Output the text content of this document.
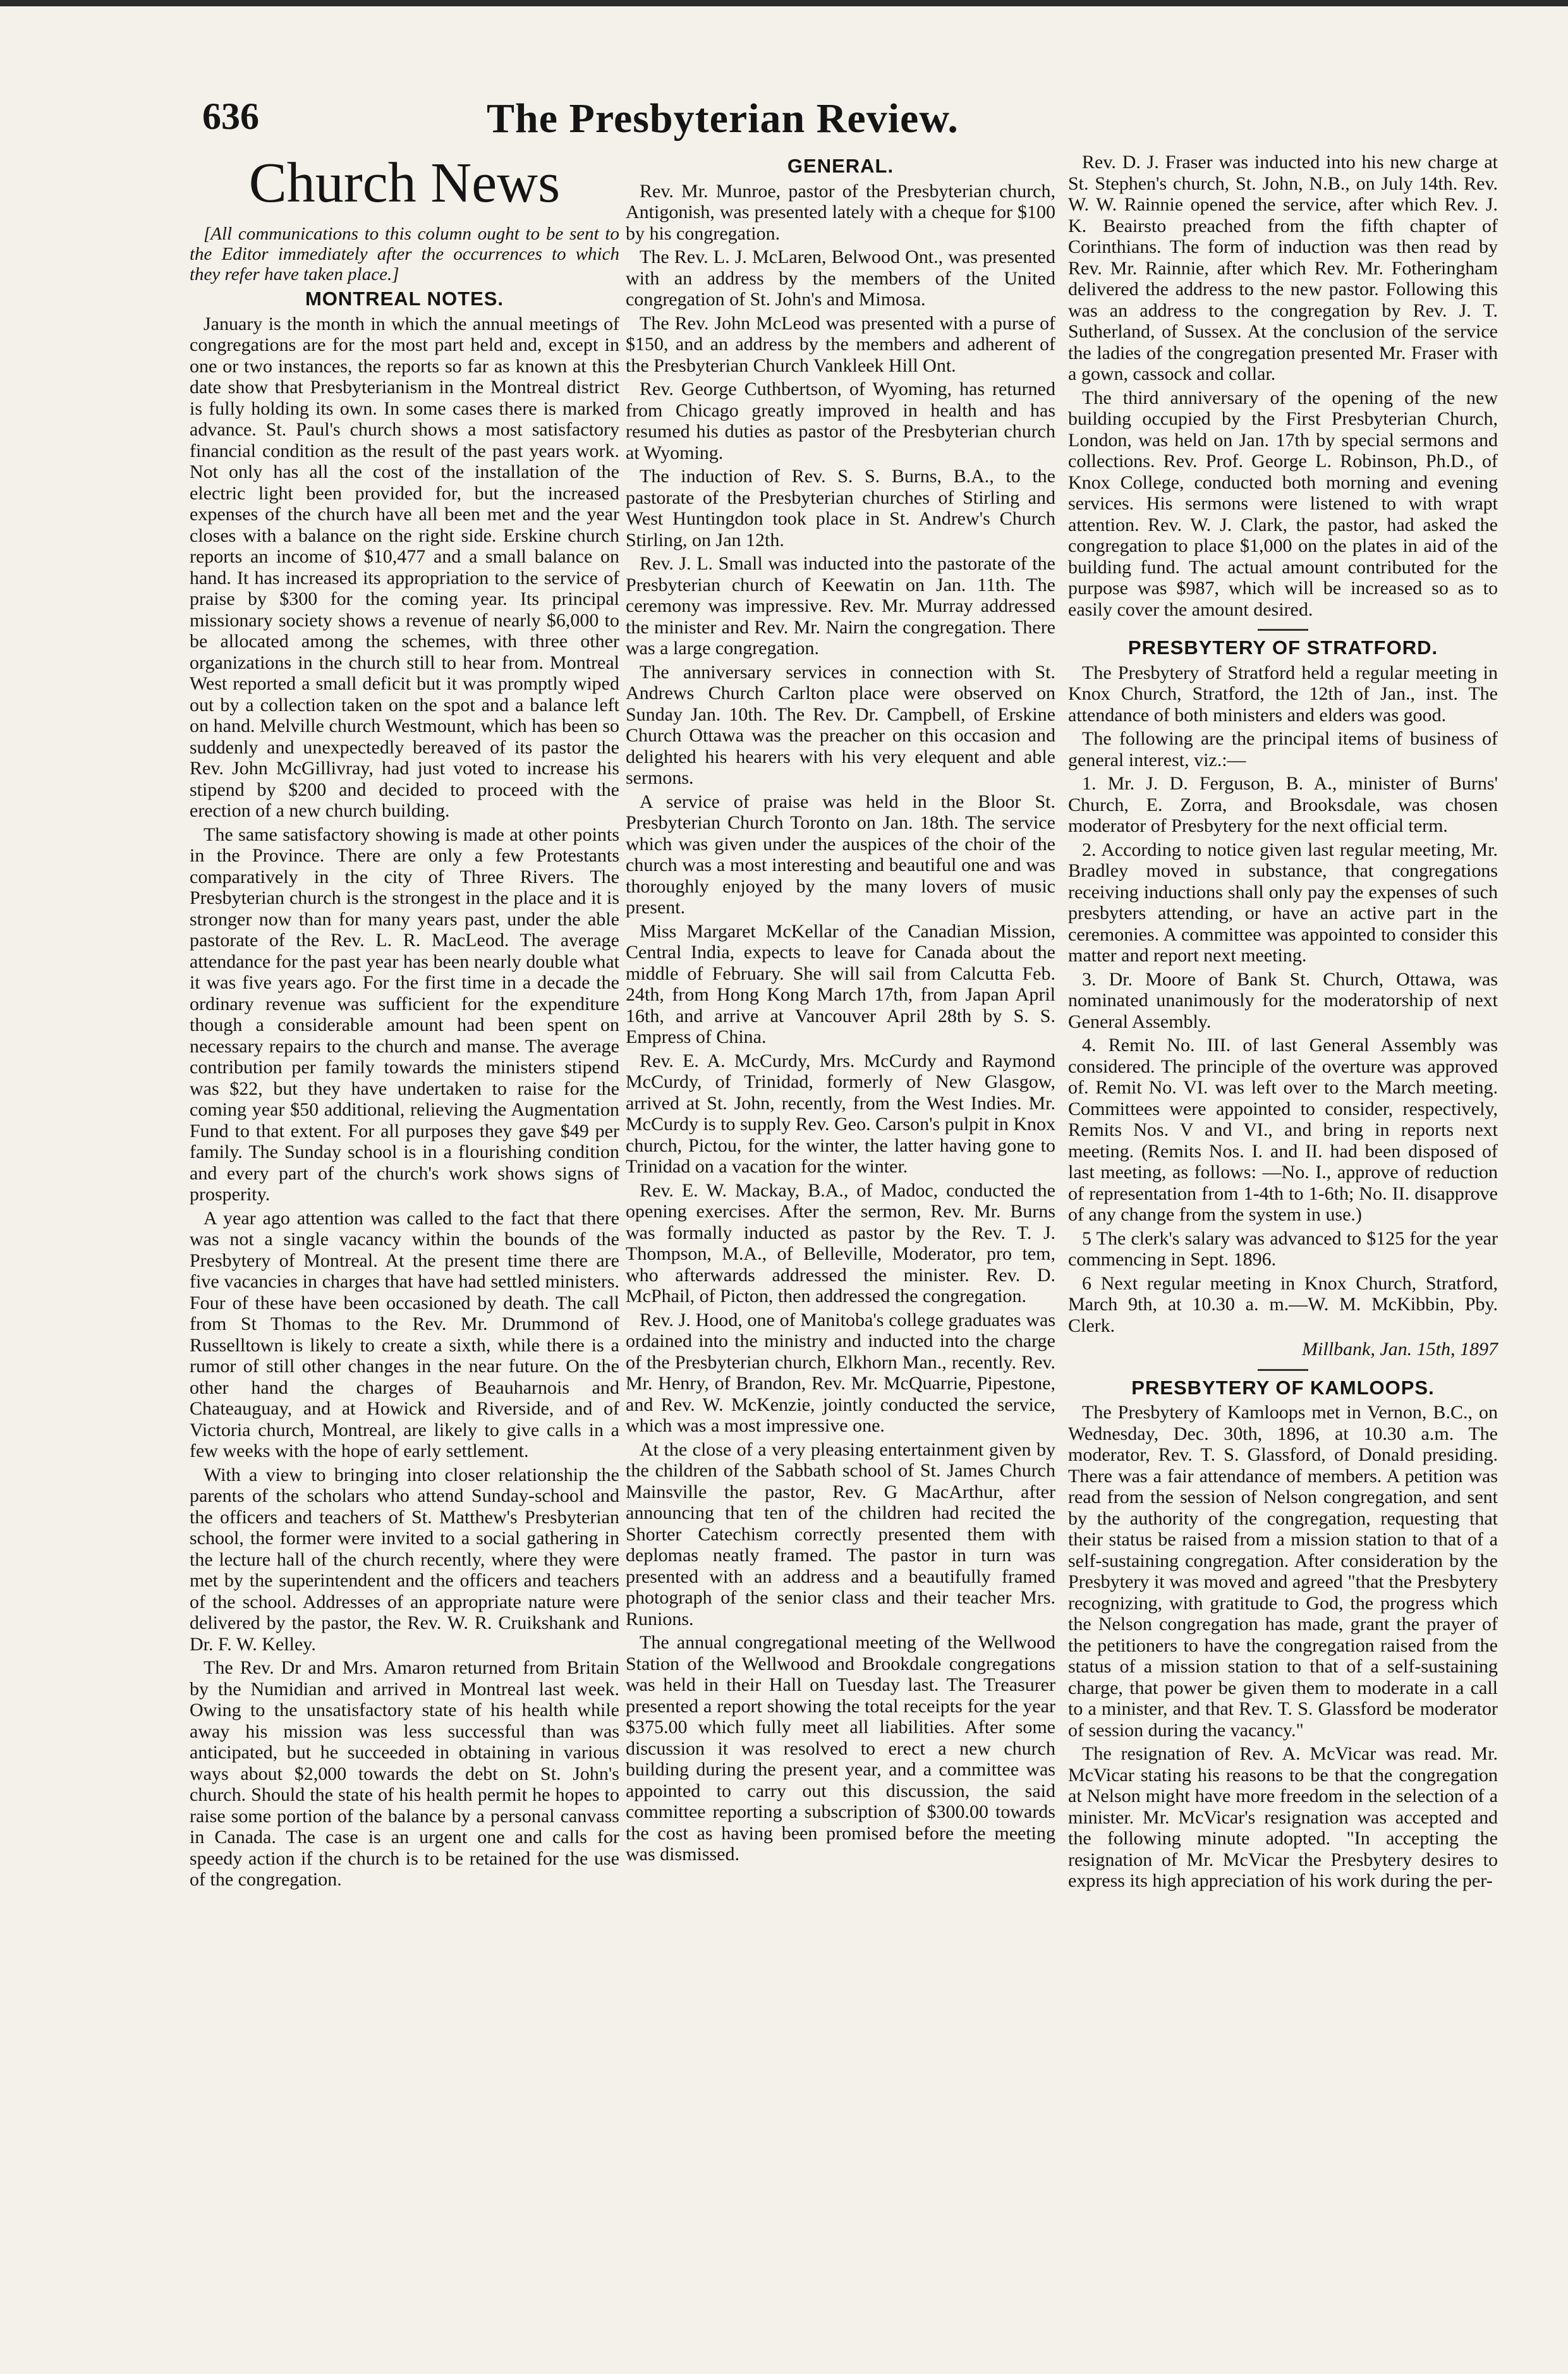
636	The Presbyterian Review.
Church News

[All communications to this column ought to be sent to the Editor immediately after the occurrences to which they refer have taken place.]

MONTREAL NOTES.

January is the month in which the annual meetings of congregations are for the most part held and, except in one or two instances, the reports so far as known at this date show that Presbyterianism in the Montreal district is fully holding its own. In some cases there is marked advance. St. Paul's church shows a most satisfactory financial condition as the result of the past years work. Not only has all the cost of the installation of the electric light been provided for, but the increased expenses of the church have all been met and the year closes with a balance on the right side. Erskine church reports an income of $10,477 and a small balance on hand. It has increased its appropriation to the service of praise by $300 for the coming year. Its principal missionary society shows a revenue of nearly $6,000 to be allocated among the schemes, with three other organizations in the church still to hear from. Montreal West reported a small deficit but it was promptly wiped out by a collection taken on the spot and a balance left on hand. Melville church Westmount, which has been so suddenly and unexpectedly bereaved of its pastor the Rev. John McGillivray, had just voted to increase his stipend by $200 and decided to proceed with the erection of a new church building.

The same satisfactory showing is made at other points in the Province. There are only a few Protestants comparatively in the city of Three Rivers. The Presbyterian church is the strongest in the place and it is stronger now than for many years past, under the able pastorate of the Rev. L. R. MacLeod. The average attendance for the past year has been nearly double what it was five years ago. For the first time in a decade the ordinary revenue was sufficient for the expenditure though a considerable amount had been spent on necessary repairs to the church and manse. The average contribution per family towards the ministers stipend was $22, but they have undertaken to raise for the coming year $50 additional, relieving the Augmentation Fund to that extent. For all purposes they gave $49 per family. The Sunday school is in a flourishing condition and every part of the church's work shows signs of prosperity.

A year ago attention was called to the fact that there was not a single vacancy within the bounds of the Presbytery of Montreal. At the present time there are five vacancies in charges that have had settled ministers. Four of these have been occasioned by death. The call from St Thomas to the Rev. Mr. Drummond of Russelltown is likely to create a sixth, while there is a rumor of still other changes in the near future. On the other hand the charges of Beauharnois and Chateauguay, and at Howick and Riverside, and of Victoria church, Montreal, are likely to give calls in a few weeks with the hope of early settlement.

With a view to bringing into closer relationship the parents of the scholars who attend Sunday-school and the officers and teachers of St. Matthew's Presbyterian school, the former were invited to a social gathering in the lecture hall of the church recently, where they were met by the superintendent and the officers and teachers of the school. Addresses of an appropriate nature were delivered by the pastor, the Rev. W. R. Cruikshank and Dr. F. W. Kelley.

The Rev. Dr and Mrs. Amaron returned from Britain by the Numidian and arrived in Montreal last week. Owing to the unsatisfactory state of his health while away his mission was less successful than was anticipated, but he succeeded in obtaining in various ways about $2,000 towards the debt on St. John's church. Should the state of his health permit he hopes to raise some portion of the balance by a personal canvass in Canada. The case is an urgent one and calls for speedy action if the church is to be retained for the use of the congregation.

GENERAL.

Rev. Mr. Munroe, pastor of the Presbyterian church, Antigonish, was presented lately with a cheque for $100 by his congregation.

The Rev. L. J. McLaren, Belwood Ont., was presented with an address by the members of the United congregation of St. John's and Mimosa.

The Rev. John McLeod was presented with a purse of $150, and an address by the members and adherent of the Presbyterian Church Vankleek Hill Ont.

Rev. George Cuthbertson, of Wyoming, has returned from Chicago greatly improved in health and has resumed his duties as pastor of the Presbyterian church at Wyoming.

The induction of Rev. S. S. Burns, B.A., to the pastorate of the Presbyterian churches of Stirling and West Huntingdon took place in St. Andrew's Church Stirling, on Jan 12th.

Rev. J. L. Small was inducted into the pastorate of the Presbyterian church of Keewatin on Jan. 11th. The ceremony was impressive. Rev. Mr. Murray addressed the minister and Rev. Mr. Nairn the congregation. There was a large congregation.

The anniversary services in connection with St. Andrews Church Carlton place were observed on Sunday Jan. 10th. The Rev. Dr. Campbell, of Erskine Church Ottawa was the preacher on this occasion and delighted his hearers with his very elequent and able sermons.

A service of praise was held in the Bloor St. Presbyterian Church Toronto on Jan. 18th. The service which was given under the auspices of the choir of the church was a most interesting and beautiful one and was thoroughly enjoyed by the many lovers of music present.

Miss Margaret McKellar of the Canadian Mission, Central India, expects to leave for Canada about the middle of February. She will sail from Calcutta Feb. 24th, from Hong Kong March 17th, from Japan April 16th, and arrive at Vancouver April 28th by S. S. Empress of China.

Rev. E. A. McCurdy, Mrs. McCurdy and Raymond McCurdy, of Trinidad, formerly of New Glasgow, arrived at St. John, recently, from the West Indies. Mr. McCurdy is to supply Rev. Geo. Carson's pulpit in Knox church, Pictou, for the winter, the latter having gone to Trinidad on a vacation for the winter.

Rev. E. W. Mackay, B.A., of Madoc, conducted the opening exercises. After the sermon, Rev. Mr. Burns was formally inducted as pastor by the Rev. T. J. Thompson, M.A., of Belleville, Moderator, pro tem, who afterwards addressed the minister. Rev. D. McPhail, of Picton, then addressed the congregation.

Rev. J. Hood, one of Manitoba's college graduates was ordained into the ministry and inducted into the charge of the Presbyterian church, Elkhorn Man., recently. Rev. Mr. Henry, of Brandon, Rev. Mr. McQuarrie, Pipestone, and Rev. W. McKenzie, jointly conducted the service, which was a most impressive one.

At the close of a very pleasing entertainment given by the children of the Sabbath school of St. James Church Mainsville the pastor, Rev. G MacArthur, after announcing that ten of the children had recited the Shorter Catechism correctly presented them with deplomas neatly framed. The pastor in turn was presented with an address and a beautifully framed photograph of the senior class and their teacher Mrs. Runions.

The annual congregational meeting of the Wellwood Station of the Wellwood and Brookdale congregations was held in their Hall on Tuesday last. The Treasurer presented a report showing the total receipts for the year $375.00 which fully meet all liabilities. After some discussion it was resolved to erect a new church building during the present year, and a committee was appointed to carry out this discussion, the said committee reporting a subscription of $300.00 towards the cost as having been promised before the meeting was dismissed.

Rev. D. J. Fraser was inducted into his new charge at St. Stephen's church, St. John, N.B., on July 14th. Rev. W. W. Rainnie opened the service, after which Rev. J. K. Beairsto preached from the fifth chapter of Corinthians. The form of induction was then read by Rev. Mr. Rainnie, after which Rev. Mr. Fotheringham delivered the address to the new pastor. Following this was an address to the congregation by Rev. J. T. Sutherland, of Sussex. At the conclusion of the service the ladies of the congregation presented Mr. Fraser with a gown, cassock and collar.

The third anniversary of the opening of the new building occupied by the First Presbyterian Church, London, was held on Jan. 17th by special sermons and collections. Rev. Prof. George L. Robinson, Ph.D., of Knox College, conducted both morning and evening services. His sermons were listened to with wrapt attention. Rev. W. J. Clark, the pastor, had asked the congregation to place $1,000 on the plates in aid of the building fund. The actual amount contributed for the purpose was $987, which will be increased so as to easily cover the amount desired.

PRESBYTERY OF STRATFORD.

The Presbytery of Stratford held a regular meeting in Knox Church, Stratford, the 12th of Jan., inst. The attendance of both ministers and elders was good.

The following are the principal items of business of general interest, viz.:—

1. Mr. J. D. Ferguson, B. A., minister of Burns' Church, E. Zorra, and Brooksdale, was chosen moderator of Presbytery for the next official term.

2. According to notice given last regular meeting, Mr. Bradley moved in substance, that congregations receiving inductions shall only pay the expenses of such presbyters attending, or have an active part in the ceremonies. A committee was appointed to consider this matter and report next meeting.

3. Dr. Moore of Bank St. Church, Ottawa, was nominated unanimously for the moderatorship of next General Assembly.

4. Remit No. III. of last General Assembly was considered. The principle of the overture was approved of. Remit No. VI. was left over to the March meeting. Committees were appointed to consider, respectively, Remits Nos. V and VI., and bring in reports next meeting. (Remits Nos. I. and II. had been disposed of last meeting, as follows: —No. I., approve of reduction of representation from 1-4th to 1-6th; No. II. disapprove of any change from the system in use.)

5 The clerk's salary was advanced to $125 for the year commencing in Sept. 1896.

6 Next regular meeting in Knox Church, Stratford, March 9th, at 10.30 a. m.—W. M. McKibbin, Pby. Clerk.

Millbank, Jan. 15th, 1897

PRESBYTERY OF KAMLOOPS.

The Presbytery of Kamloops met in Vernon, B.C., on Wednesday, Dec. 30th, 1896, at 10.30 a.m. The moderator, Rev. T. S. Glassford, of Donald presiding. There was a fair attendance of members. A petition was read from the session of Nelson congregation, and sent by the authority of the congregation, requesting that their status be raised from a mission station to that of a self-sustaining congregation. After consideration by the Presbytery it was moved and agreed "that the Presbytery recognizing, with gratitude to God, the progress which the Nelson congregation has made, grant the prayer of the petitioners to have the congregation raised from the status of a mission station to that of a self-sustaining charge, that power be given them to moderate in a call to a minister, and that Rev. T. S. Glassford be moderator of session during the vacancy."

The resignation of Rev. A. McVicar was read. Mr. McVicar stating his reasons to be that the congregation at Nelson might have more freedom in the selection of a minister. Mr. McVicar's resignation was accepted and the following minute adopted. "In accepting the resignation of Mr. McVicar the Presbytery desires to express its high appreciation of his work during the per-
